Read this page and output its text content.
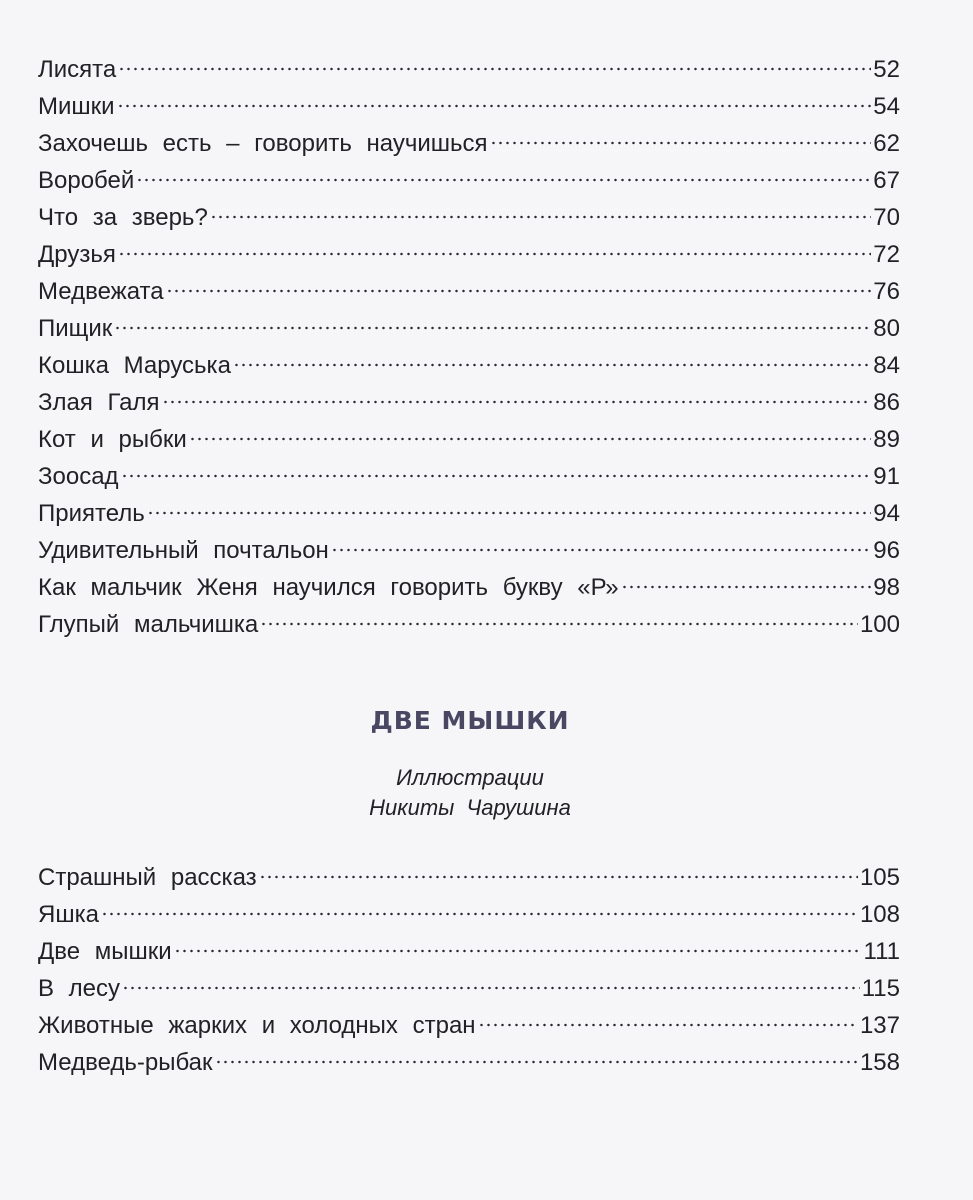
Лисята	52
Мишки	54
Захочешь есть – говорить научишься	62
Воробей	67
Что за зверь?	70
Друзья	72
Медвежата	76
Пищик	80
Кошка Маруська	84
Злая Галя	86
Кот и рыбки	89
Зоосад	91
Приятель	94
Удивительный почтальон	96
Как мальчик Женя научился говорить букву «Р»	98
Глупый мальчишка	100
ДВЕ МЫШКИ
Иллюстрации
Никиты Чарушина
Страшный рассказ	105
Яшка	108
Две мышки	111
В лесу	115
Животные жарких и холодных стран	137
Медведь-рыбак	158
